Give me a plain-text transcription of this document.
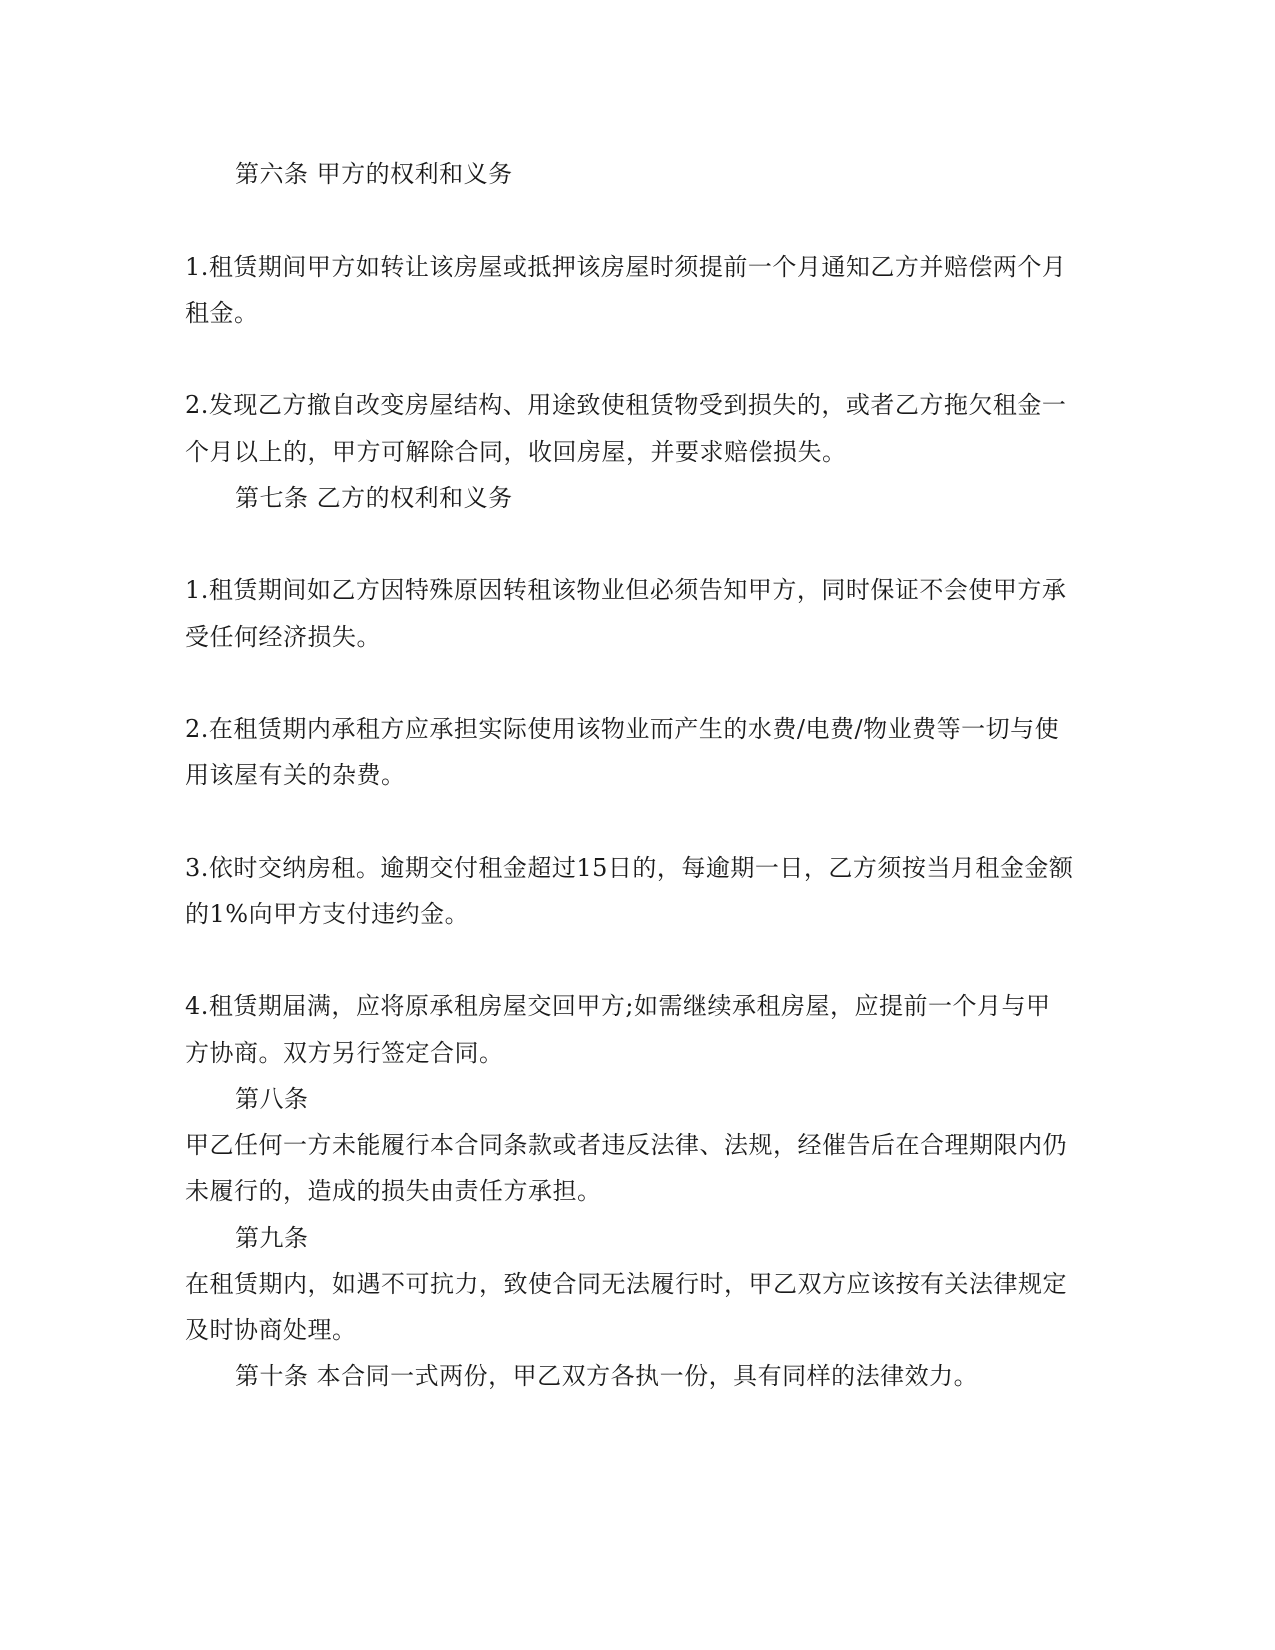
第六条 甲方的权利和义务
1.租赁期间甲方如转让该房屋或抵押该房屋时须提前一个月通知乙方并赔偿两个月
租金。
2.发现乙方撤自改变房屋结构、用途致使租赁物受到损失的，或者乙方拖欠租金一
个月以上的，甲方可解除合同，收回房屋，并要求赔偿损失。
第七条 乙方的权利和义务
1.租赁期间如乙方因特殊原因转租该物业但必须告知甲方，同时保证不会使甲方承
受任何经济损失。
2.在租赁期内承租方应承担实际使用该物业而产生的水费/电费/物业费等一切与使
用该屋有关的杂费。
3.依时交纳房租。逾期交付租金超过15日的，每逾期一日，乙方须按当月租金金额
的1%向甲方支付违约金。
4.租赁期届满，应将原承租房屋交回甲方;如需继续承租房屋，应提前一个月与甲
方协商。双方另行签定合同。
第八条
甲乙任何一方未能履行本合同条款或者违反法律、法规，经催告后在合理期限内仍
未履行的，造成的损失由责任方承担。
第九条
在租赁期内，如遇不可抗力，致使合同无法履行时，甲乙双方应该按有关法律规定
及时协商处理。
第十条 本合同一式两份，甲乙双方各执一份，具有同样的法律效力。
